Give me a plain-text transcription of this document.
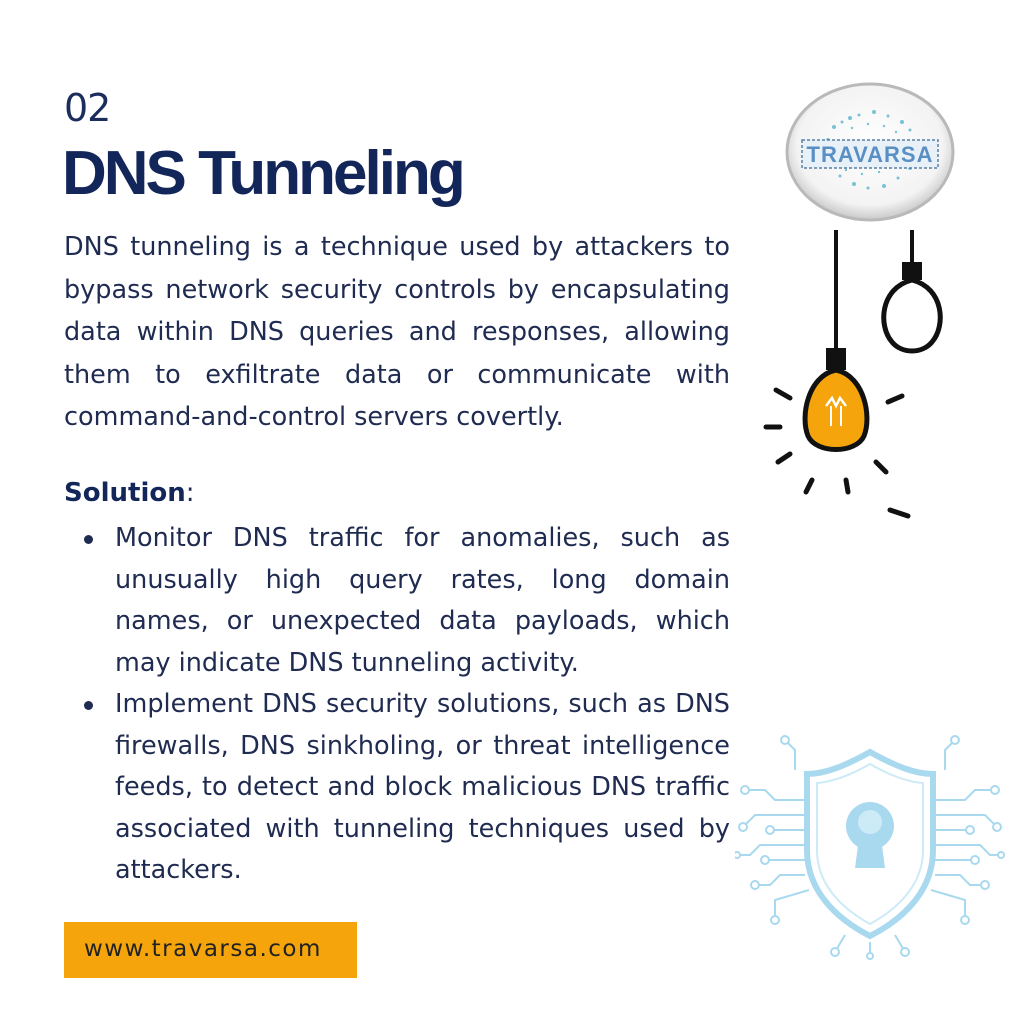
02
DNS Tunneling
DNS tunneling is a technique used by attackers to bypass network security controls by encapsulating data within DNS queries and responses, allowing them to exfiltrate data or communicate with command-and-control servers covertly.
Solution:
Monitor DNS traffic for anomalies, such as unusually high query rates, long domain names, or unexpected data payloads, which may indicate DNS tunneling activity.
Implement DNS security solutions, such as DNS firewalls, DNS sinkholing, or threat intelligence feeds, to detect and block malicious DNS traffic associated with tunneling techniques used by attackers.
www.travarsa.com
TRAVARSA
